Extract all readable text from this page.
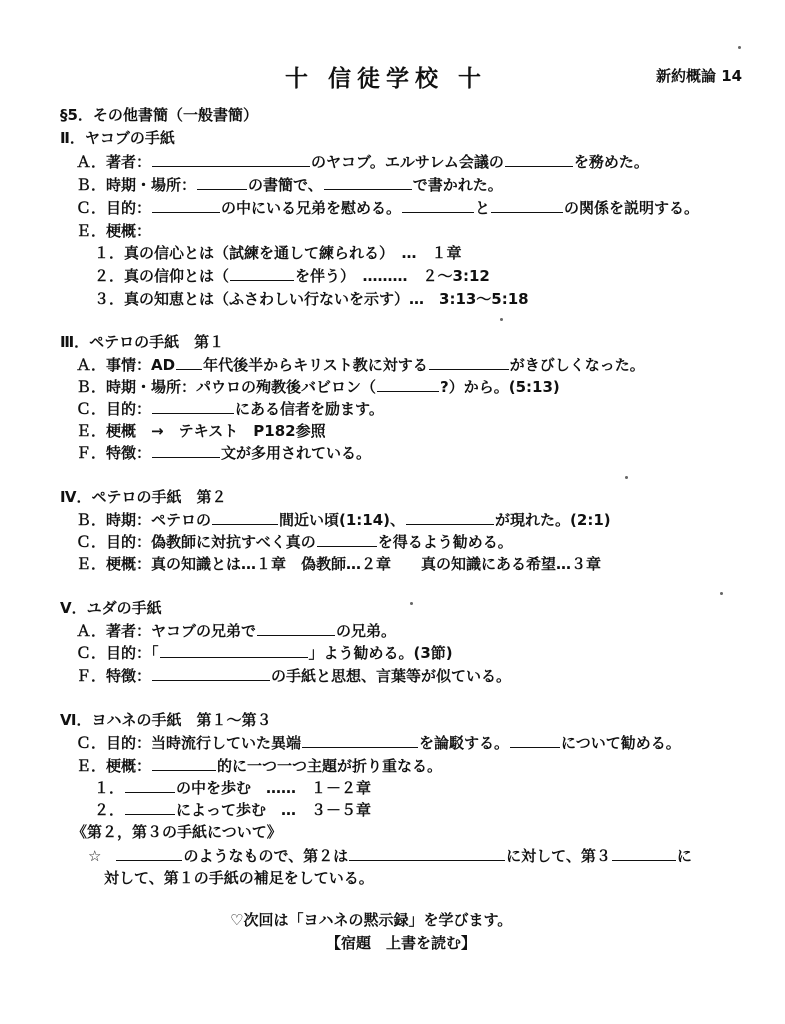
十 信徒学校 十	新約概論 14
§5．その他書簡（一般書簡）
Ⅱ．ヤコブの手紙
Ａ．著者：	のヤコブ。エルサレム会議の	を務めた。
Ｂ．時期・場所：	の書簡で、	で書かれた。
Ｃ．目的：	の中にいる兄弟を慰める。	と	の関係を説明する。
Ｅ．梗概：
１．真の信心とは（試練を通して練られる）　…　１章
２．真の信仰とは（	を伴う）　………　２～3:12
３．真の知恵とは（ふさわしい行ないを示す）…　3:13～5:18
Ⅲ．ペテロの手紙　第１
Ａ．事情：AD 年代後半からキリスト教に対する	がきびしくなった。
Ｂ．時期・場所：パウロの殉教後バビロン（	?）から。(5:13)
Ｃ．目的：	にある信者を励ます。
Ｅ．梗概　→　テキスト　P182参照
Ｆ．特徴：	文が多用されている。
Ⅳ．ペテロの手紙　第２
Ｂ．時期：ペテロの	間近い頃(1:14)、	が現れた。(2:1)
Ｃ．目的：偽教師に対抗すべく真の	を得るよう勧める。
Ｅ．梗概：真の知識とは…１章　偽教師…２章　　真の知識にある希望…３章
Ⅴ．ユダの手紙
Ａ．著者：ヤコブの兄弟で	の兄弟。
Ｃ．目的：「	」よう勧める。(3節)
Ｆ．特徴：	の手紙と思想、言葉等が似ている。
Ⅵ．ヨハネの手紙　第１～第３
Ｃ．目的：当時流行していた異端	を論駁する。	について勧める。
Ｅ．梗概：	的に一つ一つ主題が折り重なる。
１．	の中を歩む　……　１－２章
２．	によって歩む　…　３－５章
《第２，第３の手紙について》
☆	のようなもので、第２は	に対して、第３	に
対して、第１の手紙の補足をしている。
♡次回は「ヨハネの黙示録」を学びます。
【宿題　上書を読む】
